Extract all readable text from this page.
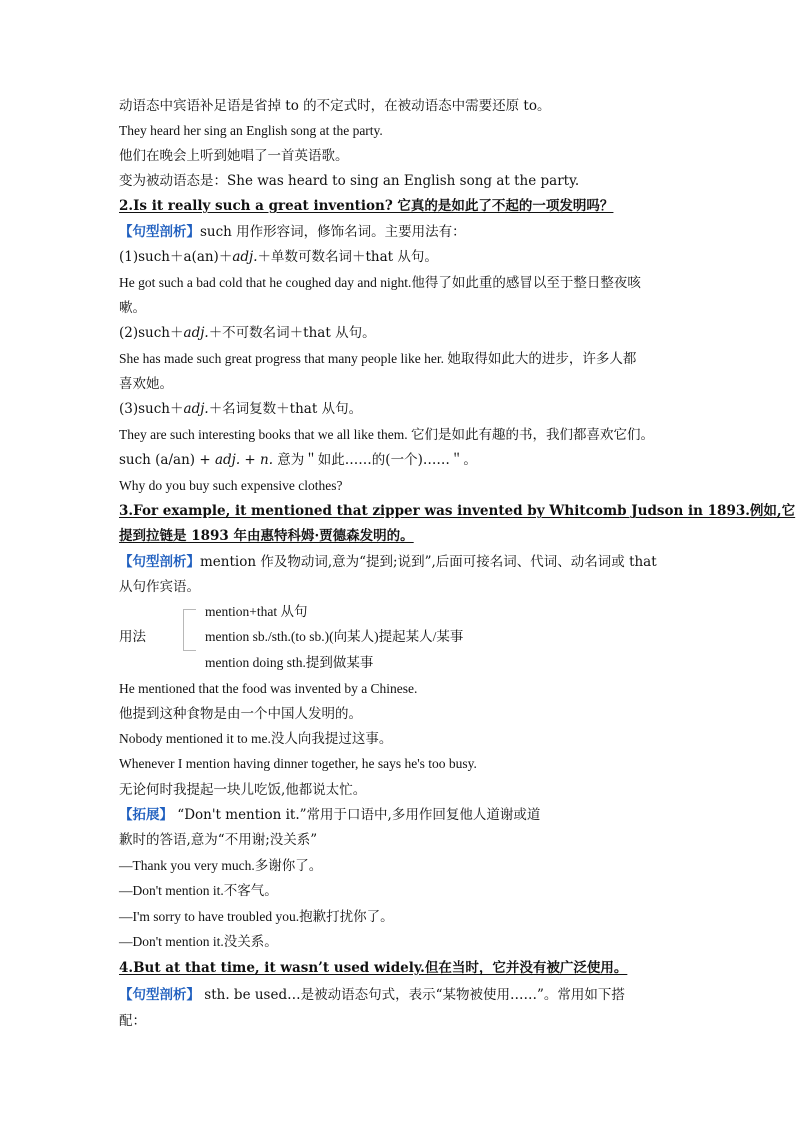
动语态中宾语补足语是省掉 to 的不定式时，在被动语态中需要还原 to。
They heard her sing an English song at the party.
他们在晚会上听到她唱了一首英语歌。
变为被动语态是：She was heard to sing an English song at the party.
2.Is it really such a great invention? 它真的是如此了不起的一项发明吗？
【句型剖析】such 用作形容词，修饰名词。主要用法有：
(1)such＋a(an)＋adj.＋单数可数名词＋that 从句。
He got such a bad cold that he coughed day and night.他得了如此重的感冒以至于整日整夜咳
嗽。
(2)such＋adj.＋不可数名词＋that 从句。
She has made such great progress that many people like her. 她取得如此大的进步，许多人都
喜欢她。
(3)such＋adj.＋名词复数＋that 从句。
They are such interesting books that we all like them. 它们是如此有趣的书，我们都喜欢它们。
such (a/an) + adj. + n. 意为＂如此……的(一个)……＂。
Why do you buy such expensive clothes?
3.For example, it mentioned that zipper was invented by Whitcomb Judson in 1893.例如,它
提到拉链是 1893 年由惠特科姆·贾德森发明的。
【句型剖析】mention 作及物动词,意为“提到;说到”,后面可接名词、代词、动名词或 that
从句作宾语。
用法
mention+that 从句
mention sb./sth.(to sb.)(向某人)提起某人/某事
mention doing sth.提到做某事
He mentioned that the food was invented by a Chinese.
他提到这种食物是由一个中国人发明的。
Nobody mentioned it to me.没人向我提过这事。
Whenever I mention having dinner together, he says he's too busy.
无论何时我提起一块儿吃饭,他都说太忙。
【拓展】 “Don't mention it.”常用于口语中,多用作回复他人道谢或道
歉时的答语,意为“不用谢;没关系”
—Thank you very much.多谢你了。
—Don't mention it.不客气。
—I'm sorry to have troubled you.抱歉打扰你了。
—Don't mention it.没关系。
4.But at that time, it wasn’t used widely.但在当时，它并没有被广泛使用。
【句型剖析】 sth. be used…是被动语态句式，表示“某物被使用……”。常用如下搭
配：
